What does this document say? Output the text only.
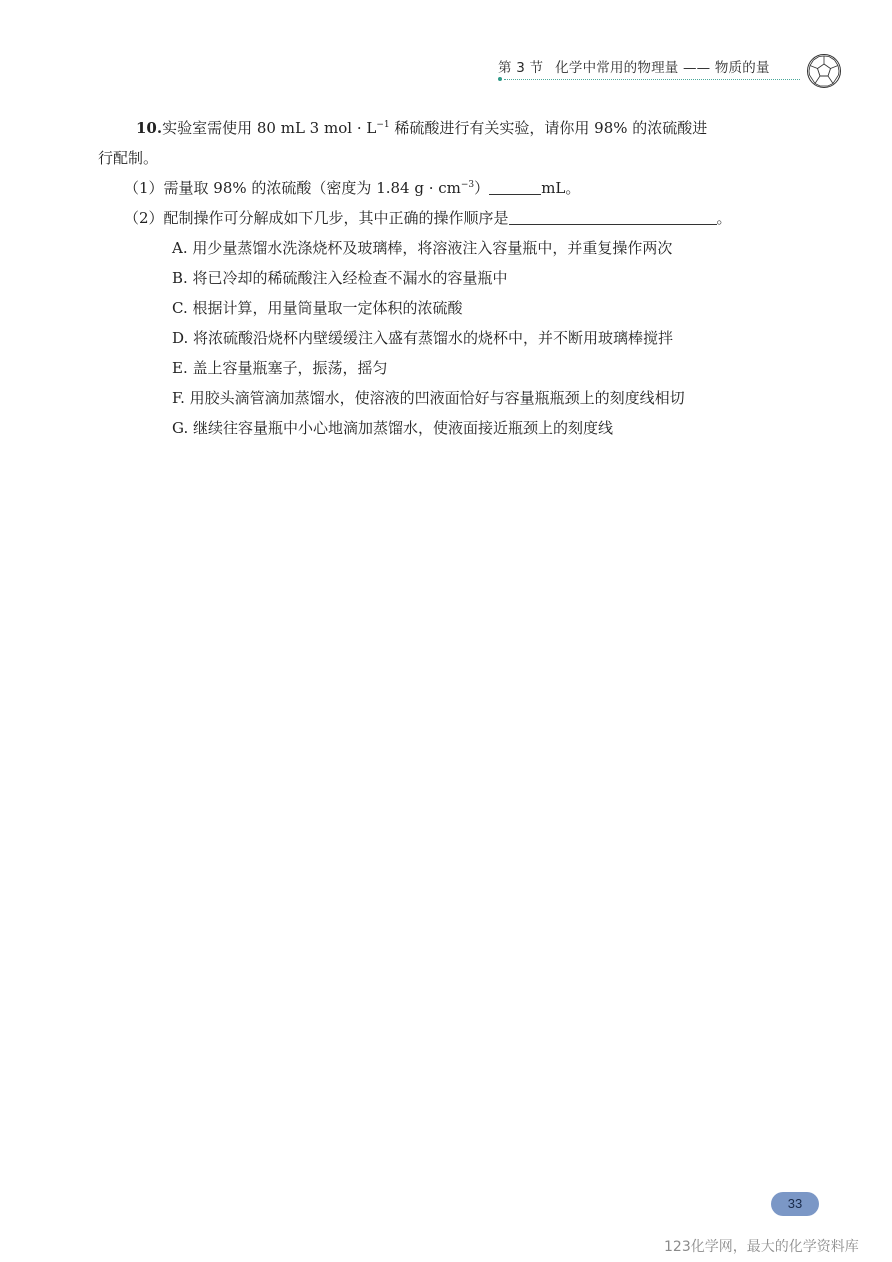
第 3 节 化学中常用的物理量 —— 物质的量
10.实验室需使用 80 mL 3 mol · $L^{-1}$ 稀硫酸进行有关实验，请你用 98% 的浓硫酸进
行配制。
（1）需量取 98% 的浓硫酸（密度为 1.84 $g \cdot cm^{-3}$）	mL。
（2）配制操作可分解成如下几步，其中正确的操作顺序是	。
A. 用少量蒸馏水洗涤烧杯及玻璃棒，将溶液注入容量瓶中，并重复操作两次
B. 将已冷却的稀硫酸注入经检查不漏水的容量瓶中
C. 根据计算，用量筒量取一定体积的浓硫酸
D. 将浓硫酸沿烧杯内壁缓缓注入盛有蒸馏水的烧杯中，并不断用玻璃棒搅拌
E. 盖上容量瓶塞子，振荡，摇匀
F. 用胶头滴管滴加蒸馏水，使溶液的凹液面恰好与容量瓶瓶颈上的刻度线相切
G. 继续往容量瓶中小心地滴加蒸馏水，使液面接近瓶颈上的刻度线
33
123化学网，最大的化学资料库
